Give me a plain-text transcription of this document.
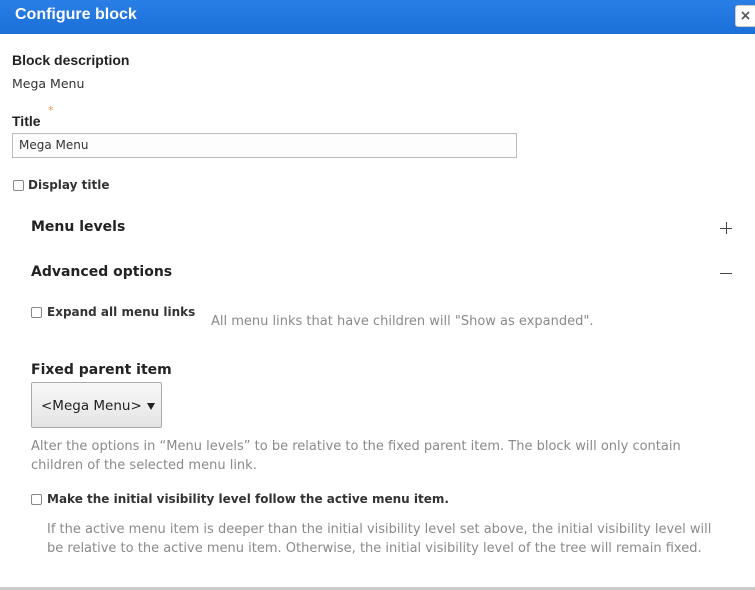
Configure block	×
Block description
Mega Menu
Title
*
Mega Menu
Display title
Menu levels
Advanced options
Expand all menu links
All menu links that have children will "Show as expanded".
Fixed parent item
<Mega Menu>
Alter the options in “Menu levels” to be relative to the fixed parent item. The block will only contain
children of the selected menu link.
Make the initial visibility level follow the active menu item.
If the active menu item is deeper than the initial visibility level set above, the initial visibility level will
be relative to the active menu item. Otherwise, the initial visibility level of the tree will remain fixed.
